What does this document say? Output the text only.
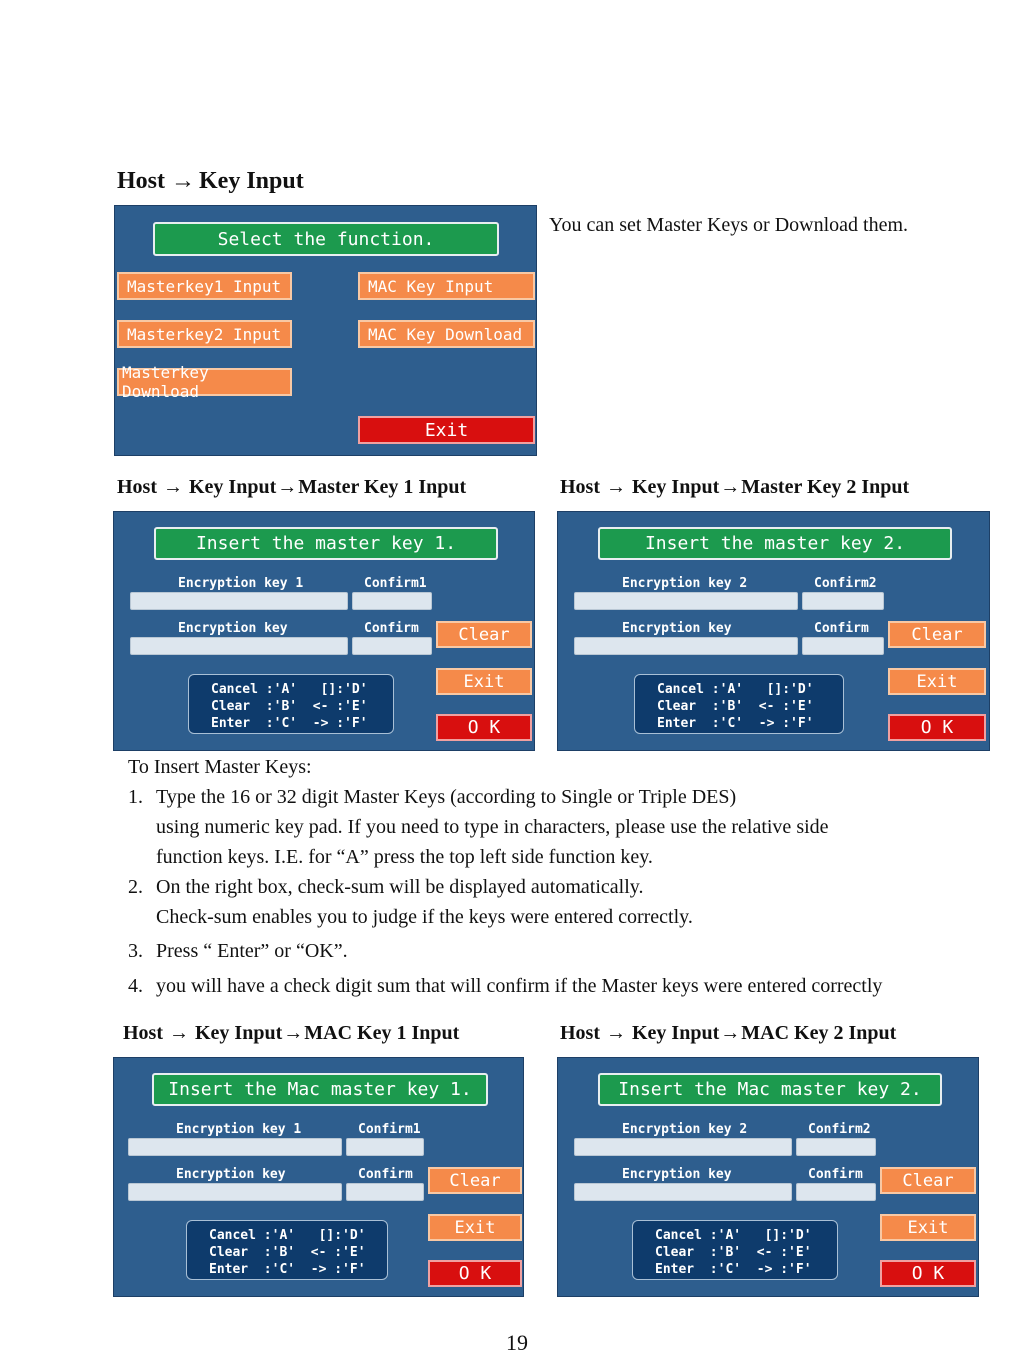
Host → Key Input
Select the function.
Masterkey1 Input	MAC Key Input
Masterkey2 Input	MAC Key Download
Masterkey Download
Exit
You can set Master Keys or Download them.
Host → Key Input→Master Key 1 Input	Host → Key Input→Master Key 2 Input
Insert the master key 1.
Encryption key 1	Confirm1
Encryption key	Confirm	Clear
Exit
O K
Cancel :'A'   []:'D'
Clear  :'B'  <- :'E'
Enter  :'C'  -> :'F'
Insert the master key 2.
Encryption key 2	Confirm2
Encryption key	Confirm	Clear
Exit
O K
Cancel :'A'   []:'D'
Clear  :'B'  <- :'E'
Enter  :'C'  -> :'F'
To Insert Master Keys:
1. Type the 16 or 32 digit Master Keys (according to Single or Triple DES)
using numeric key pad. If you need to type in characters, please use the relative side
function keys. I.E. for “A” press the top left side function key.
2. On the right box, check-sum will be displayed automatically.
Check-sum enables you to judge if the keys were entered correctly.
3. Press “ Enter” or “OK”.
4. you will have a check digit sum that will confirm if the Master keys were entered correctly
Host → Key Input→MAC Key 1 Input	Host → Key Input→MAC Key 2 Input
Insert the Mac master key 1.
Encryption key 1	Confirm1
Encryption key	Confirm	Clear
Exit
O K
Cancel :'A'   []:'D'
Clear  :'B'  <- :'E'
Enter  :'C'  -> :'F'
Insert the Mac master key 2.
Encryption key 2	Confirm2
Encryption key	Confirm	Clear
Exit
O K
Cancel :'A'   []:'D'
Clear  :'B'  <- :'E'
Enter  :'C'  -> :'F'
19
